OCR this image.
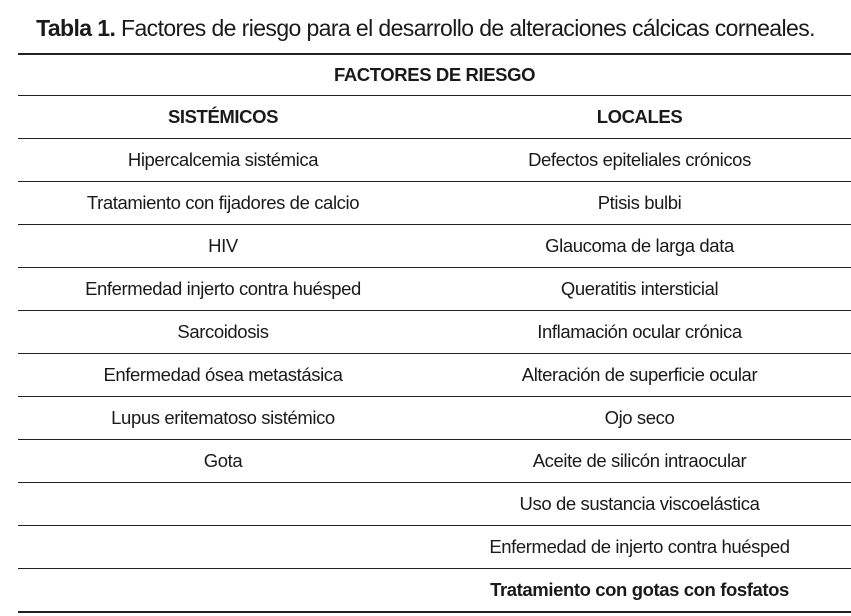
Tabla 1. Factores de riesgo para el desarrollo de alteraciones cálcicas corneales.
FACTORES DE RIESGO	
SISTÉMICOS	LOCALES
Hipercalcemia sistémica	Defectos epiteliales crónicos
Tratamiento con fijadores de calcio	Ptisis bulbi
HIV	Glaucoma de larga data
Enfermedad injerto contra huésped	Queratitis intersticial
Sarcoidosis	Inflamación ocular crónica
Enfermedad ósea metastásica	Alteración de superficie ocular
Lupus eritematoso sistémico	Ojo seco
Gota	Aceite de silicón intraocular
	Uso de sustancia viscoelástica
	Enfermedad de injerto contra huésped
	Tratamiento con gotas con fosfatos
